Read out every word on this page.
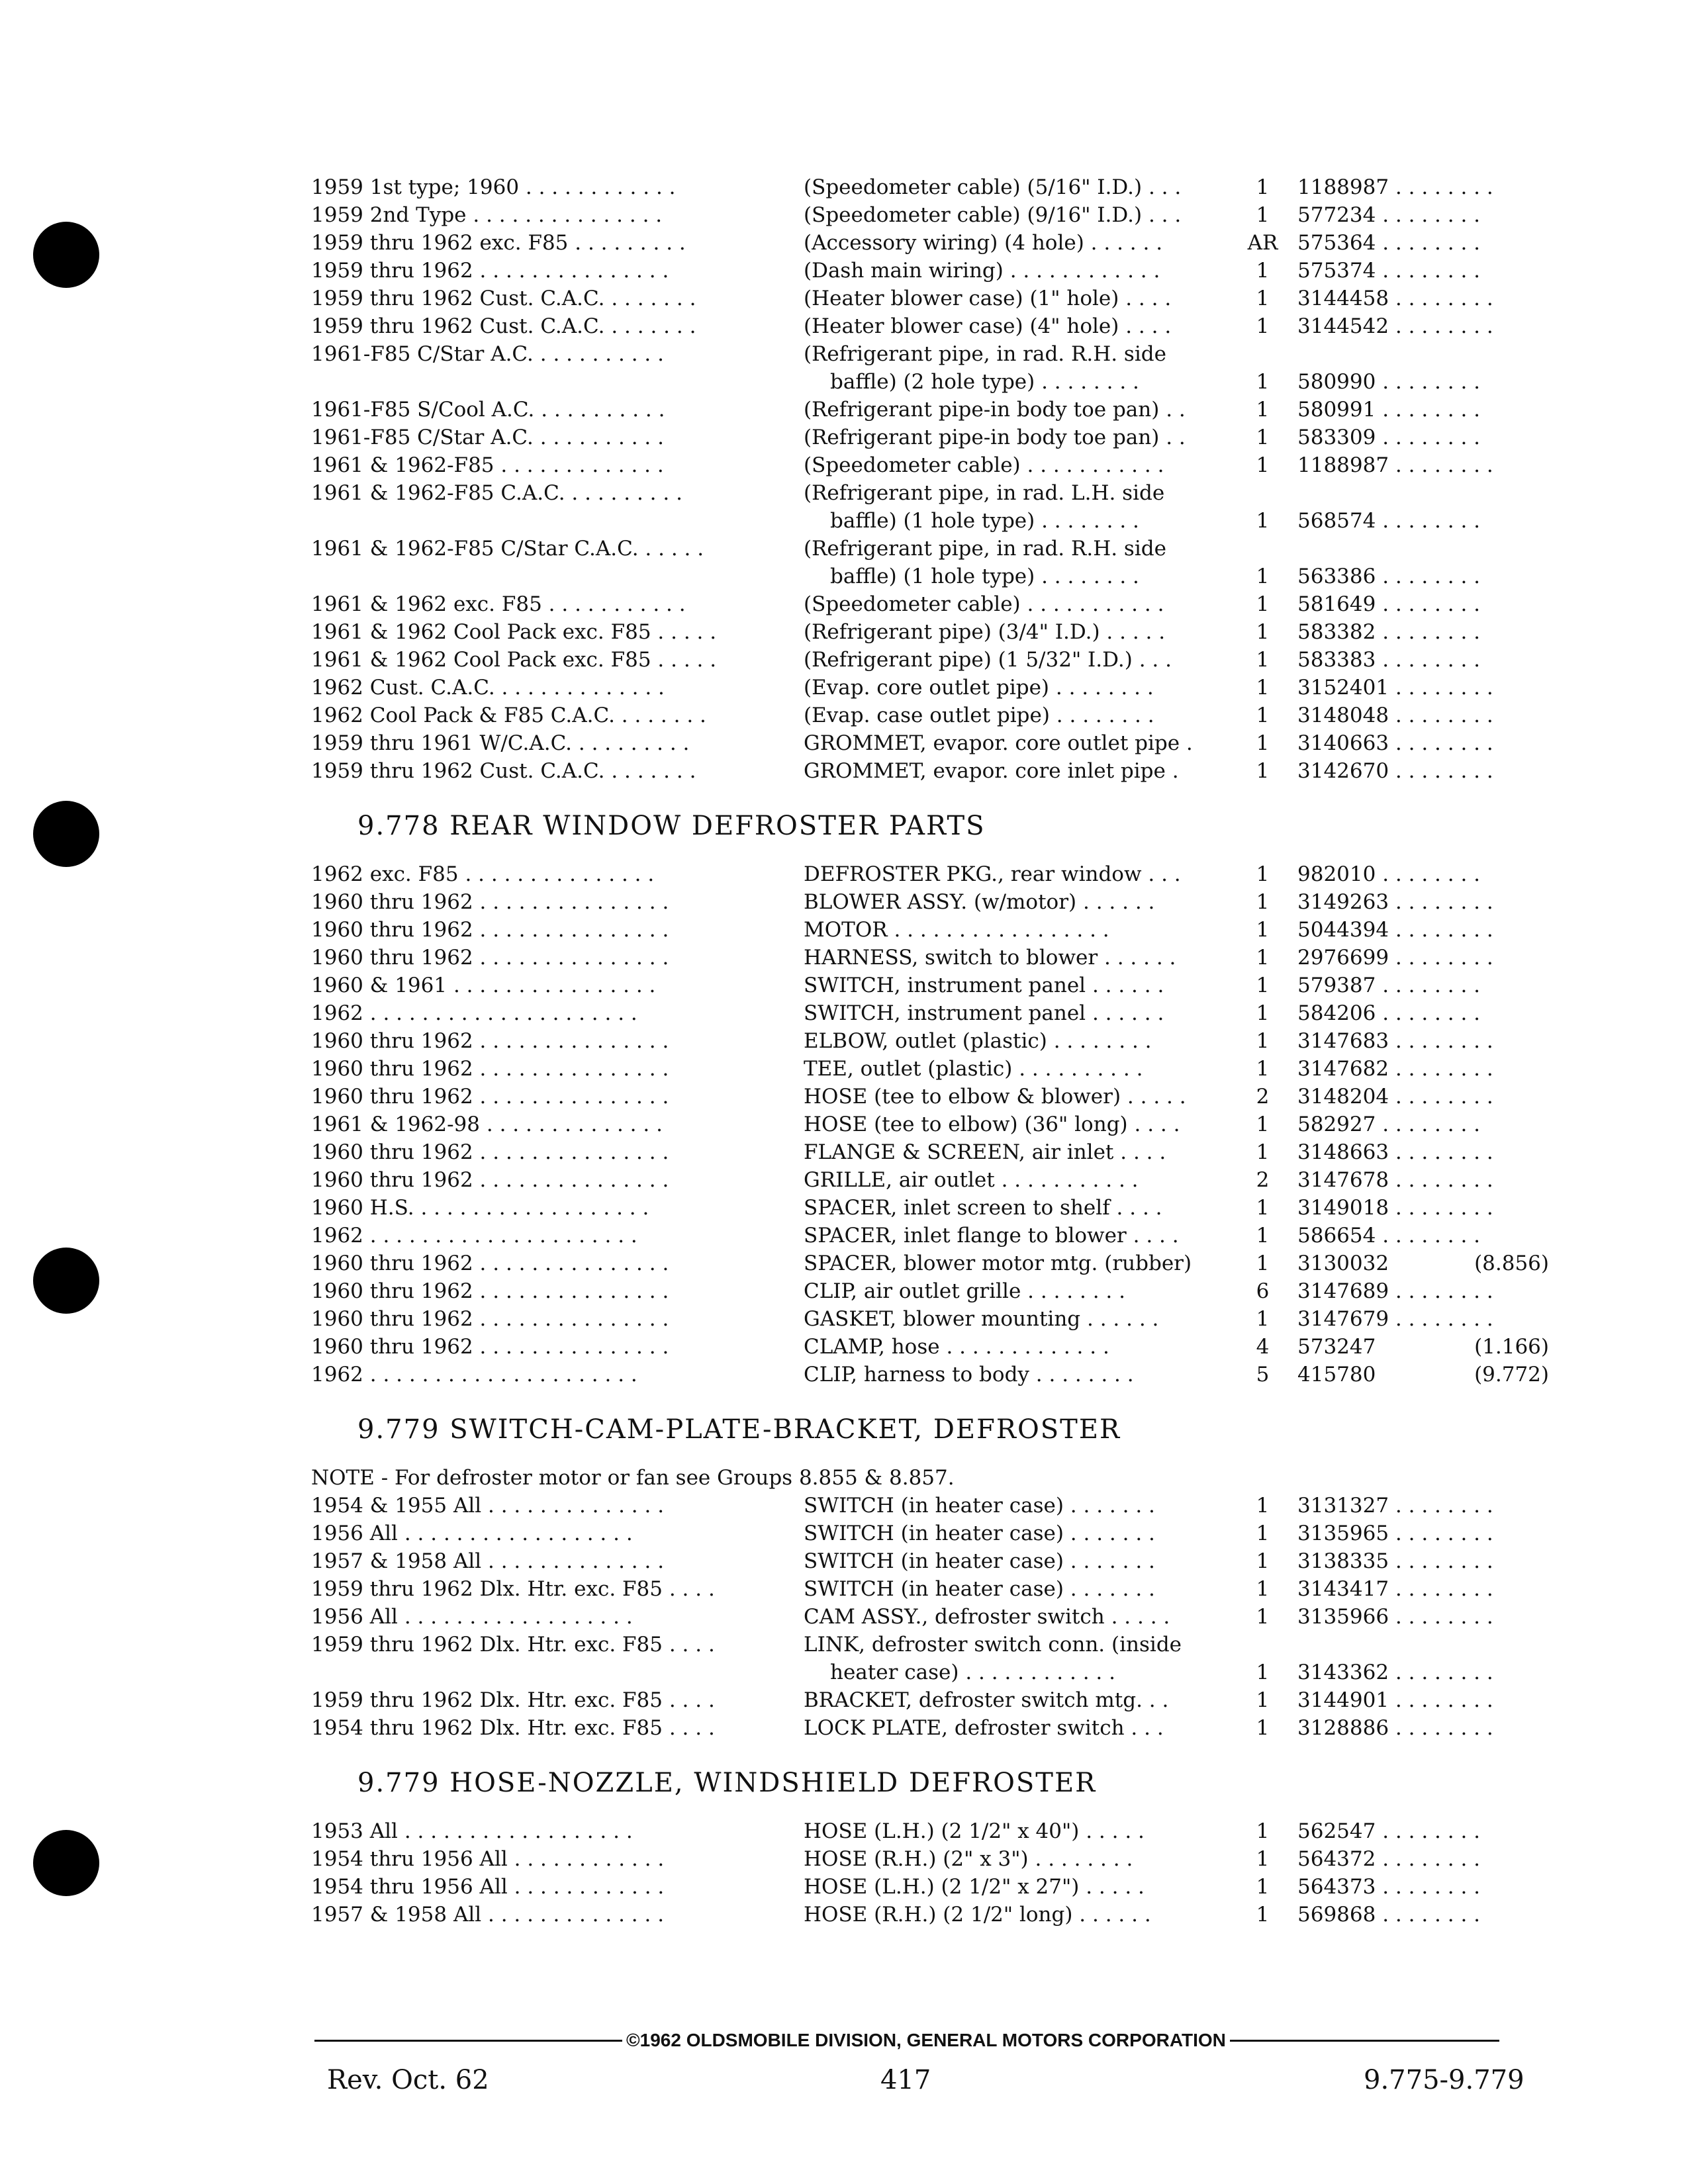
1959 1st type; 1960 . . . . . . . . . . . .	(Speedometer cable) (5/16" I.D.) . . .	1	1188987 . . . . . . . .
1959 2nd Type . . . . . . . . . . . . . . .	(Speedometer cable) (9/16" I.D.) . . .	1	577234 . . . . . . . .
1959 thru 1962 exc. F85 . . . . . . . . .	(Accessory wiring) (4 hole) . . . . . .	AR 575364 . . . . . . . .
1959 thru 1962 . . . . . . . . . . . . . . .	(Dash main wiring) . . . . . . . . . . . .	1	575374 . . . . . . . .
1959 thru 1962 Cust. C.A.C. . . . . . . .	(Heater blower case) (1" hole) . . . .	1	3144458 . . . . . . . .
1959 thru 1962 Cust. C.A.C. . . . . . . .	(Heater blower case) (4" hole) . . . .	1	3144542 . . . . . . . .
1961-F85 C/Star A.C. . . . . . . . . . .	(Refrigerant pipe, in rad. R.H. side
baffle) (2 hole type) . . . . . . . .	1	580990 . . . . . . . .
1961-F85 S/Cool A.C. . . . . . . . . . .	(Refrigerant pipe-in body toe pan) . .	1	580991 . . . . . . . .
1961-F85 C/Star A.C. . . . . . . . . . .	(Refrigerant pipe-in body toe pan) . .	1	583309 . . . . . . . .
1961 & 1962-F85 . . . . . . . . . . . . .	(Speedometer cable) . . . . . . . . . . .	1	1188987 . . . . . . . .
1961 & 1962-F85 C.A.C. . . . . . . . . .	(Refrigerant pipe, in rad. L.H. side
baffle) (1 hole type) . . . . . . . .	1	568574 . . . . . . . .
1961 & 1962-F85 C/Star C.A.C. . . . . .	(Refrigerant pipe, in rad. R.H. side
baffle) (1 hole type) . . . . . . . .	1	563386 . . . . . . . .
1961 & 1962 exc. F85 . . . . . . . . . . .	(Speedometer cable) . . . . . . . . . . .	1	581649 . . . . . . . .
1961 & 1962 Cool Pack exc. F85 . . . . .	(Refrigerant pipe) (3/4" I.D.) . . . . .	1	583382 . . . . . . . .
1961 & 1962 Cool Pack exc. F85 . . . . .	(Refrigerant pipe) (1 5/32" I.D.) . . .	1	583383 . . . . . . . .
1962 Cust. C.A.C. . . . . . . . . . . . . .	(Evap. core outlet pipe) . . . . . . . .	1	3152401 . . . . . . . .
1962 Cool Pack & F85 C.A.C. . . . . . . .	(Evap. case outlet pipe) . . . . . . . .	1	3148048 . . . . . . . .
1959 thru 1961 W/C.A.C. . . . . . . . . .	GROMMET, evapor. core outlet pipe .	1	3140663 . . . . . . . .
1959 thru 1962 Cust. C.A.C. . . . . . . .	GROMMET, evapor. core inlet pipe .	1	3142670 . . . . . . . .
9.778 REAR WINDOW DEFROSTER PARTS
1962 exc. F85 . . . . . . . . . . . . . . .	DEFROSTER PKG., rear window . . .	1	982010 . . . . . . . .
1960 thru 1962 . . . . . . . . . . . . . . .	BLOWER ASSY. (w/motor) . . . . . .	1	3149263 . . . . . . . .
1960 thru 1962 . . . . . . . . . . . . . . .	MOTOR . . . . . . . . . . . . . . . . .	1	5044394 . . . . . . . .
1960 thru 1962 . . . . . . . . . . . . . . .	HARNESS, switch to blower . . . . . .	1	2976699 . . . . . . . .
1960 & 1961 . . . . . . . . . . . . . . . .	SWITCH, instrument panel . . . . . .	1	579387 . . . . . . . .
1962 . . . . . . . . . . . . . . . . . . . . .	SWITCH, instrument panel . . . . . .	1	584206 . . . . . . . .
1960 thru 1962 . . . . . . . . . . . . . . .	ELBOW, outlet (plastic) . . . . . . . .	1	3147683 . . . . . . . .
1960 thru 1962 . . . . . . . . . . . . . . .	TEE, outlet (plastic) . . . . . . . . . .	1	3147682 . . . . . . . .
1960 thru 1962 . . . . . . . . . . . . . . .	HOSE (tee to elbow & blower) . . . . .	2	3148204 . . . . . . . .
1961 & 1962-98 . . . . . . . . . . . . . .	HOSE (tee to elbow) (36" long) . . . .	1	582927 . . . . . . . .
1960 thru 1962 . . . . . . . . . . . . . . .	FLANGE & SCREEN, air inlet . . . .	1	3148663 . . . . . . . .
1960 thru 1962 . . . . . . . . . . . . . . .	GRILLE, air outlet . . . . . . . . . . .	2	3147678 . . . . . . . .
1960 H.S. . . . . . . . . . . . . . . . . . .	SPACER, inlet screen to shelf . . . .	1	3149018 . . . . . . . .
1962 . . . . . . . . . . . . . . . . . . . . .	SPACER, inlet flange to blower . . . .	1	586654 . . . . . . . .
1960 thru 1962 . . . . . . . . . . . . . . .	SPACER, blower motor mtg. (rubber)	1	3130032	(8.856)
1960 thru 1962 . . . . . . . . . . . . . . .	CLIP, air outlet grille . . . . . . . .	6	3147689 . . . . . . . .
1960 thru 1962 . . . . . . . . . . . . . . .	GASKET, blower mounting . . . . . .	1	3147679 . . . . . . . .
1960 thru 1962 . . . . . . . . . . . . . . .	CLAMP, hose . . . . . . . . . . . . .	4	573247	(1.166)
1962 . . . . . . . . . . . . . . . . . . . . .	CLIP, harness to body . . . . . . . .	5	415780	(9.772)
9.779 SWITCH-CAM-PLATE-BRACKET, DEFROSTER
NOTE - For defroster motor or fan see Groups 8.855 & 8.857.
1954 & 1955 All . . . . . . . . . . . . . .	SWITCH (in heater case) . . . . . . .	1	3131327 . . . . . . . .
1956 All . . . . . . . . . . . . . . . . . .	SWITCH (in heater case) . . . . . . .	1	3135965 . . . . . . . .
1957 & 1958 All . . . . . . . . . . . . . .	SWITCH (in heater case) . . . . . . .	1	3138335 . . . . . . . .
1959 thru 1962 Dlx. Htr. exc. F85 . . . .	SWITCH (in heater case) . . . . . . .	1	3143417 . . . . . . . .
1956 All . . . . . . . . . . . . . . . . . .	CAM ASSY., defroster switch . . . . .	1	3135966 . . . . . . . .
1959 thru 1962 Dlx. Htr. exc. F85 . . . .	LINK, defroster switch conn. (inside
heater case) . . . . . . . . . . . .	1	3143362 . . . . . . . .
1959 thru 1962 Dlx. Htr. exc. F85 . . . .	BRACKET, defroster switch mtg. . .	1	3144901 . . . . . . . .
1954 thru 1962 Dlx. Htr. exc. F85 . . . .	LOCK PLATE, defroster switch . . .	1	3128886 . . . . . . . .
9.779 HOSE-NOZZLE, WINDSHIELD DEFROSTER
1953 All . . . . . . . . . . . . . . . . . .	HOSE (L.H.) (2 1/2" x 40") . . . . .	1	562547 . . . . . . . .
1954 thru 1956 All . . . . . . . . . . . .	HOSE (R.H.) (2" x 3") . . . . . . . .	1	564372 . . . . . . . .
1954 thru 1956 All . . . . . . . . . . . .	HOSE (L.H.) (2 1/2" x 27") . . . . .	1	564373 . . . . . . . .
1957 & 1958 All . . . . . . . . . . . . . .	HOSE (R.H.) (2 1/2" long) . . . . . .	1	569868 . . . . . . . .
©1962 OLDSMOBILE DIVISION, GENERAL MOTORS CORPORATION
Rev. Oct. 62	417	9.775-9.779
